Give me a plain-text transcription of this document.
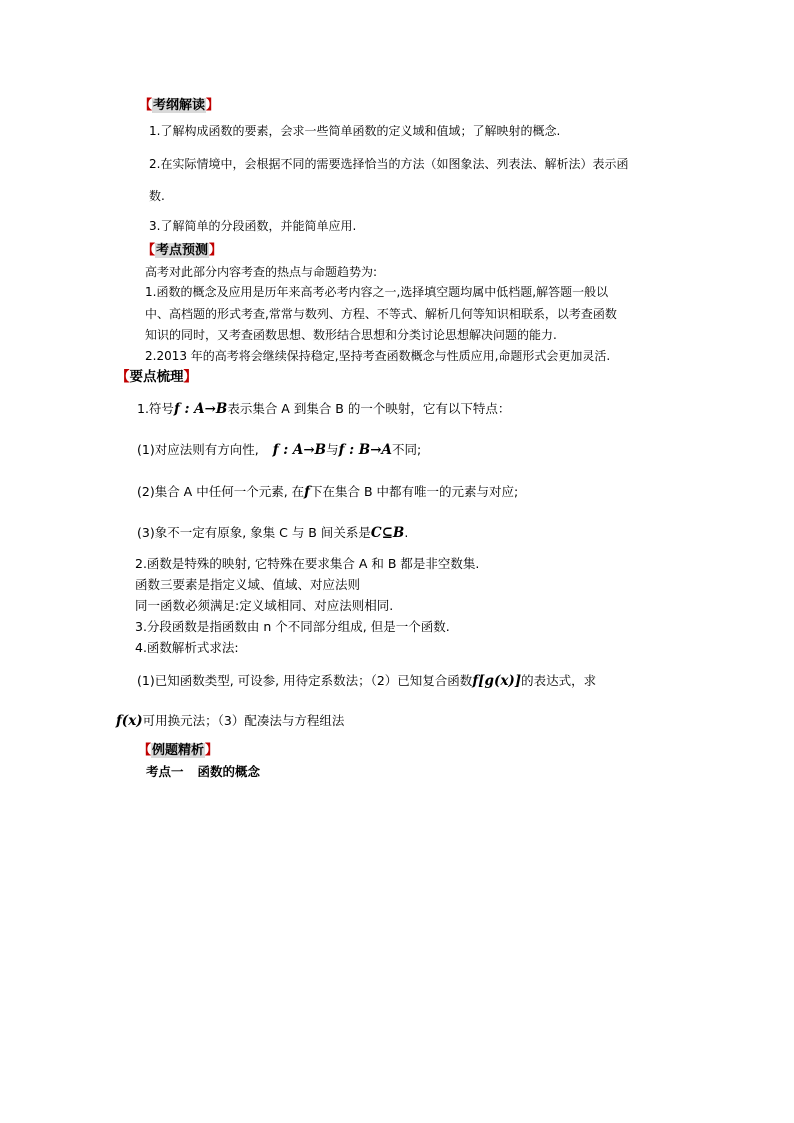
【考纲解读】
1.了解构成函数的要素，会求一些简单函数的定义域和值域；了解映射的概念.
2.在实际情境中，会根据不同的需要选择恰当的方法（如图象法、列表法、解析法）表示函
数.
3.了解简单的分段函数，并能简单应用.
【考点预测】
高考对此部分内容考查的热点与命题趋势为:
1.函数的概念及应用是历年来高考必考内容之一,选择填空题均属中低档题,解答题一般以
中、高档题的形式考查,常常与数列、方程、不等式、解析几何等知识相联系，以考查函数
知识的同时，又考查函数思想、数形结合思想和分类讨论思想解决问题的能力.
2.2013 年的高考将会继续保持稳定,坚持考查函数概念与性质应用,命题形式会更加灵活.
【要点梳理】
1.符号f : A→B表示集合 A 到集合 B 的一个映射，它有以下特点：
(1)对应法则有方向性, f : A→B与f : B→A不同;
(2)集合 A 中任何一个元素, 在f下在集合 B 中都有唯一的元素与对应;
(3)象不一定有原象, 象集 C 与 B 间关系是C⊆B.
2.函数是特殊的映射, 它特殊在要求集合 A 和 B 都是非空数集.
函数三要素是指定义域、值域、对应法则
同一函数必须满足:定义域相同、对应法则相同.
3.分段函数是指函数由 n 个不同部分组成, 但是一个函数.
4.函数解析式求法:
(1)已知函数类型, 可设参, 用待定系数法；（2）已知复合函数f[g(x)]的表达式，求
f(x)可用换元法；（3）配凑法与方程组法
【例题精析】
考点一 函数的概念
